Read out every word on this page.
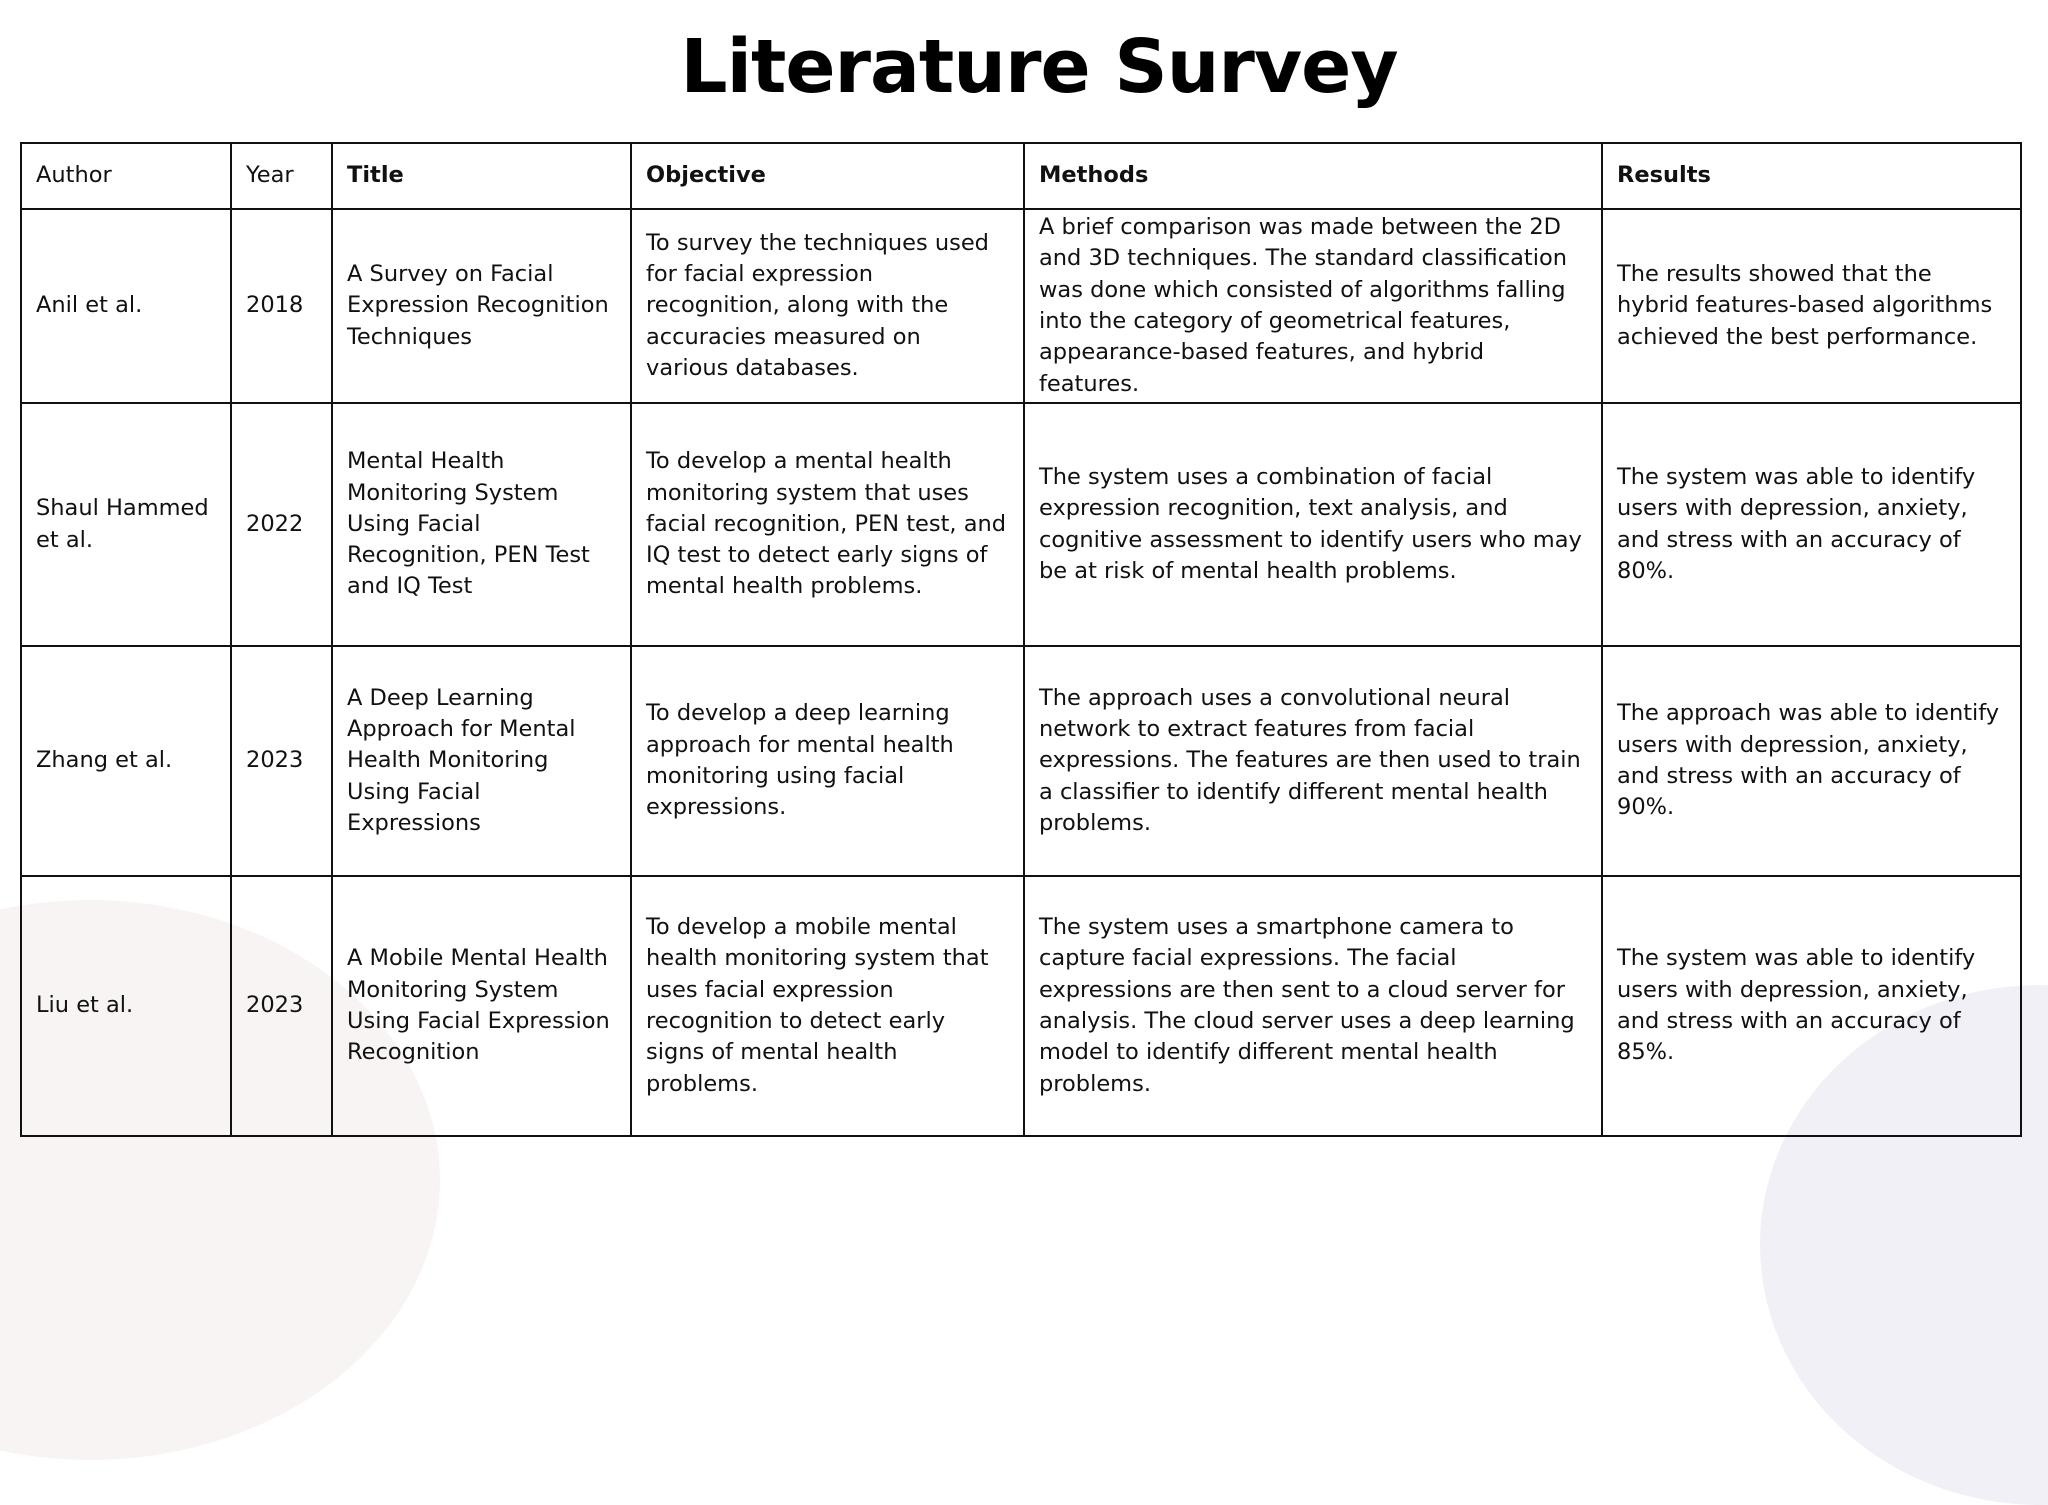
Literature Survey
Author	Year	Title	Objective	Methods	Results
Anil et al.	2018	A Survey on Facial Expression Recognition Techniques	To survey the techniques used for facial expression recognition, along with the accuracies measured on various databases.	A brief comparison was made between the 2D and 3D techniques. The standard classification was done which consisted of algorithms falling into the category of geometrical features, appearance-based features, and hybrid features.	The results showed that the hybrid features-based algorithms achieved the best performance.
Shaul Hammed et al.	2022	Mental Health Monitoring System Using Facial Recognition, PEN Test and IQ Test	To develop a mental health monitoring system that uses facial recognition, PEN test, and IQ test to detect early signs of mental health problems.	The system uses a combination of facial expression recognition, text analysis, and cognitive assessment to identify users who may be at risk of mental health problems.	The system was able to identify users with depression, anxiety, and stress with an accuracy of 80%.
Zhang et al.	2023	A Deep Learning Approach for Mental Health Monitoring Using Facial Expressions	To develop a deep learning approach for mental health monitoring using facial expressions.	The approach uses a convolutional neural network to extract features from facial expressions. The features are then used to train a classifier to identify different mental health problems.	The approach was able to identify users with depression, anxiety, and stress with an accuracy of 90%.
Liu et al.	2023	A Mobile Mental Health Monitoring System Using Facial Expression Recognition	To develop a mobile mental health monitoring system that uses facial expression recognition to detect early signs of mental health problems.	The system uses a smartphone camera to capture facial expressions. The facial expressions are then sent to a cloud server for analysis. The cloud server uses a deep learning model to identify different mental health problems.	The system was able to identify users with depression, anxiety, and stress with an accuracy of 85%.
